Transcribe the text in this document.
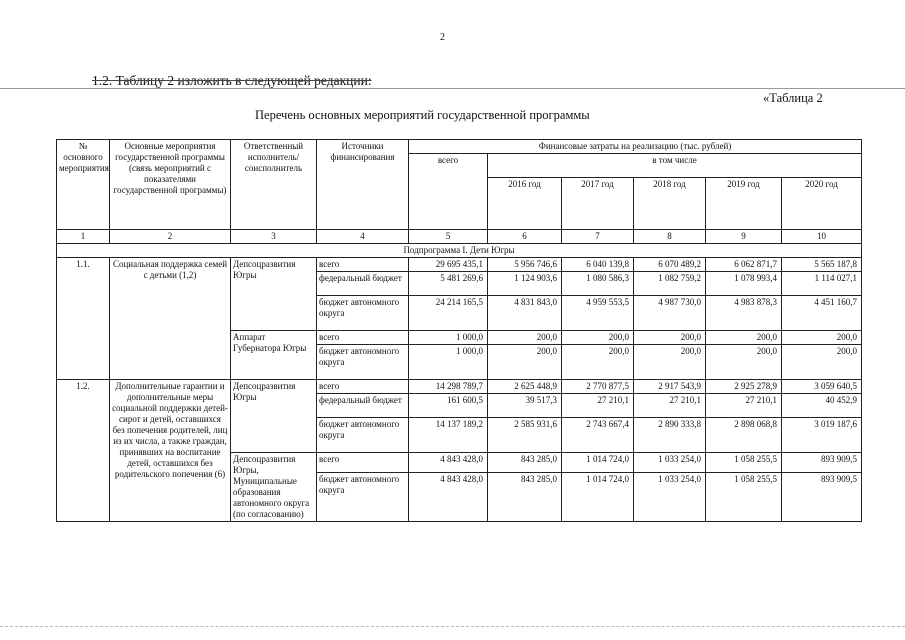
2
1.2. Таблицу 2 изложить в следующей редакции:
«Таблица 2
Перечень основных мероприятий государственной программы
№ основного мероприятия	Основные мероприятия государственной программы (связь мероприятий с показателями государственной программы)	Ответственный исполнитель/ соисполнитель	Источники финансирования	Финансовые затраты на реализацию (тыс. рублей)					
				всего	в том числе				
					2016 год	2017 год	2018 год	2019 год	2020 год
1	2	3	4	5	6	7	8	9	10
Подпрограмма I. Дети Югры									
1.1.	Социальная поддержка семей с детьми (1,2)	Депсоцразвития Югры	всего	29 695 435,1	5 956 746,6	6 040 139,8	6 070 489,2	6 062 871,7	5 565 187,8
			федеральный бюджет	5 481 269,6	1 124 903,6	1 080 586,3	1 082 759,2	1 078 993,4	1 114 027,1
			бюджет автономного округа	24 214 165,5	4 831 843,0	4 959 553,5	4 987 730,0	4 983 878,3	4 451 160,7
		Аппарат Губернатора Югры	всего	1 000,0	200,0	200,0	200,0	200,0	200,0
			бюджет автономного округа	1 000,0	200,0	200,0	200,0	200,0	200,0
1.2.	Дополнительные гарантии и дополнительные меры социальной поддержки детей-сирот и детей, оставшихся без попечения родителей, лиц из их числа, а также граждан, принявших на воспитание детей, оставшихся без родительского попечения (6)	Депсоцразвития Югры	всего	14 298 789,7	2 625 448,9	2 770 877,5	2 917 543,9	2 925 278,9	3 059 640,5
			федеральный бюджет	161 600,5	39 517,3	27 210,1	27 210,1	27 210,1	40 452,9
			бюджет автономного округа	14 137 189,2	2 585 931,6	2 743 667,4	2 890 333,8	2 898 068,8	3 019 187,6
		Депсоцразвития Югры, Муниципальные образования автономного округа (по согласованию)	всего	4 843 428,0	843 285,0	1 014 724,0	1 033 254,0	1 058 255,5	893 909,5
			бюджет автономного округа	4 843 428,0	843 285,0	1 014 724,0	1 033 254,0	1 058 255,5	893 909,5
